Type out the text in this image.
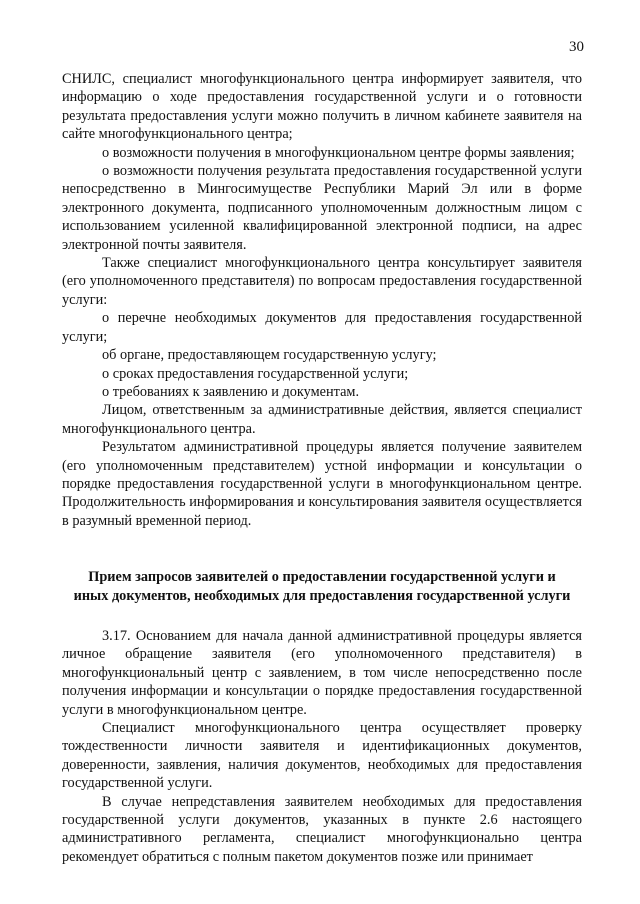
30

СНИЛС, специалист многофункционального центра информирует заявителя, что информацию о ходе предоставления государственной услуги и о готовности результата предоставления услуги можно получить в личном кабинете заявителя на сайте многофункционального центра;

о возможности получения в многофункциональном центре формы заявления;

о возможности получения результата предоставления государственной услуги непосредственно в Мингосимуществе Республики Марий Эл или в форме электронного документа, подписанного уполномоченным должностным лицом с использованием усиленной квалифицированной электронной подписи, на адрес электронной почты заявителя.

Также специалист многофункционального центра консультирует заявителя (его уполномоченного представителя) по вопросам предоставления государственной услуги:

о перечне необходимых документов для предоставления государственной услуги;

об органе, предоставляющем государственную услугу;

о сроках предоставления государственной услуги;

о требованиях к заявлению и документам.

Лицом, ответственным за административные действия, является специалист многофункционального центра.

Результатом административной процедуры является получение заявителем (его уполномоченным представителем) устной информации и консультации о порядке предоставления государственной услуги в многофункциональном центре. Продолжительность информирования и консультирования заявителя осуществляется в разумный временной период.

Прием запросов заявителей о предоставлении государственной услуги и иных документов, необходимых для предоставления государственной услуги

3.17. Основанием для начала данной административной процедуры является личное обращение заявителя (его уполномоченного представителя) в многофункциональный центр с заявлением, в том числе непосредственно после получения информации и консультации о порядке предоставления государственной услуги в многофункциональном центре.

Специалист многофункционального центра осуществляет проверку тождественности личности заявителя и идентификационных документов, доверенности, заявления, наличия документов, необходимых для предоставления государственной услуги.

В случае непредставления заявителем необходимых для предоставления государственной услуги документов, указанных в пункте 2.6 настоящего административного регламента, специалист многофункционально центра рекомендует обратиться с полным пакетом документов позже или принимает
